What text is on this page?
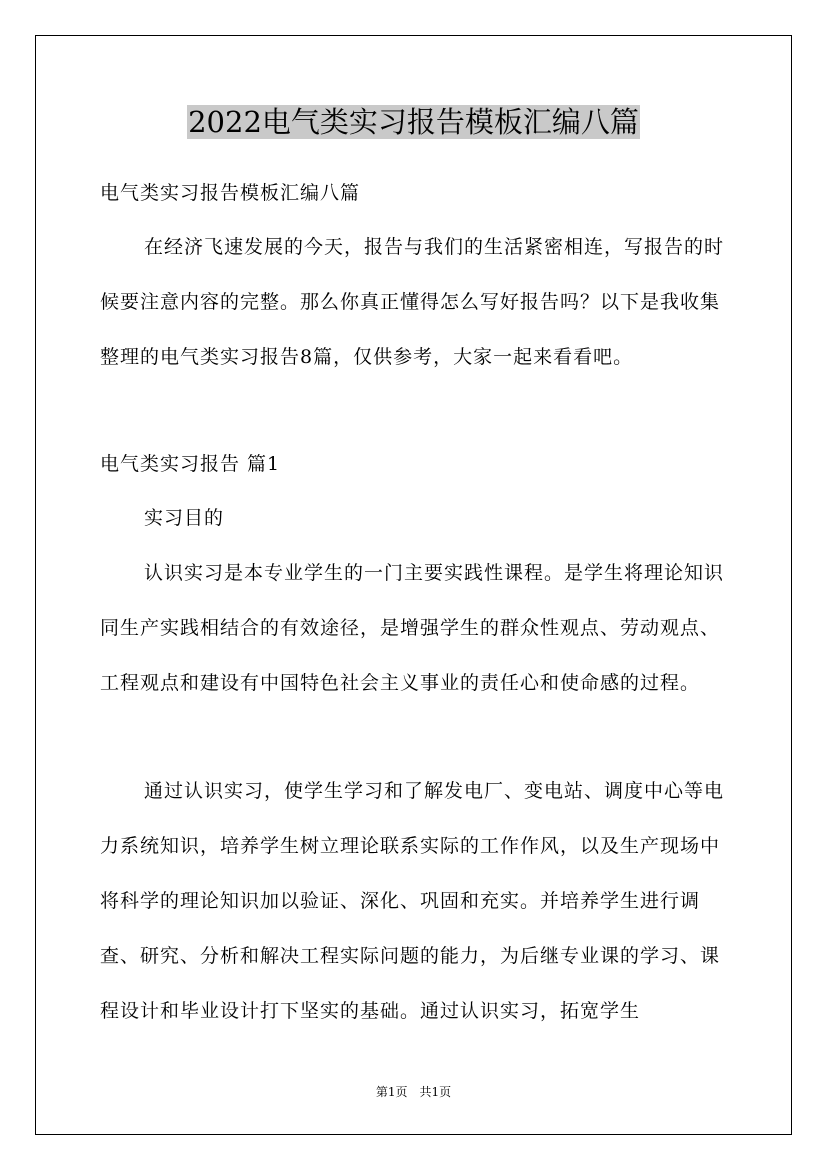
2022电气类实习报告模板汇编八篇

电气类实习报告模板汇编八篇

在经济飞速发展的今天，报告与我们的生活紧密相连，写报告的时候要注意内容的完整。那么你真正懂得怎么写好报告吗？以下是我收集整理的电气类实习报告8篇，仅供参考，大家一起来看看吧。

电气类实习报告 篇1

实习目的

认识实习是本专业学生的一门主要实践性课程。是学生将理论知识同生产实践相结合的有效途径，是增强学生的群众性观点、劳动观点、工程观点和建设有中国特色社会主义事业的责任心和使命感的过程。

通过认识实习，使学生学习和了解发电厂、变电站、调度中心等电力系统知识，培养学生树立理论联系实际的工作作风，以及生产现场中将科学的理论知识加以验证、深化、巩固和充实。并培养学生进行调查、研究、分析和解决工程实际问题的能力，为后继专业课的学习、课程设计和毕业设计打下坚实的基础。通过认识实习，拓宽学生

第1页　共1页
